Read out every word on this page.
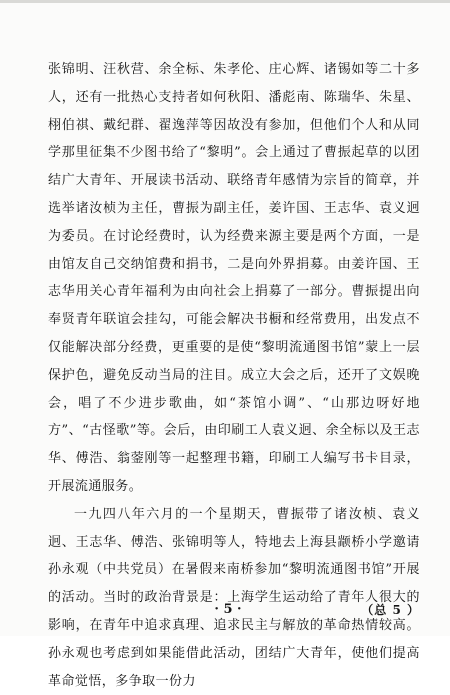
张锦明、汪秋营、余全标、朱孝伦、庄心辉、诸锡如等二十多人，还有一批热心支持者如何秋阳、潘彪南、陈瑞华、朱星、栩伯祺、戴纪群、翟逸萍等因故没有参加，但他们个人和从同学那里征集不少图书给了“黎明”。会上通过了曹振起草的以团结广大青年、开展读书活动、联络青年感情为宗旨的简章，并选举诸汝桢为主任，曹振为副主任，姜许国、王志华、袁义迥为委员。在讨论经费时，认为经费来源主要是两个方面，一是由馆友自己交纳馆费和捐书，二是向外界捐募。由姜许国、王志华用关心青年福利为由向社会上捐募了一部分。曹振提出向奉贤青年联谊会挂勾，可能会解决书橱和经常费用，出发点不仅能解决部分经费，更重要的是使“黎明流通图书馆”蒙上一层保护色，避免反动当局的注目。成立大会之后，还开了文娱晚会，唱了不少进步歌曲，如“茶馆小调”、“山那边呀好地方”、“古怪歌”等。会后，由印刷工人袁义迥、余全标以及王志华、傅浩、翁蓥刚等一起整理书籍，印刷工人编写书卡目录，开展流通服务。

一九四八年六月的一个星期天，曹振带了诸汝桢、袁义迥、王志华、傅浩、张锦明等人，特地去上海县颛桥小学邀请孙永观（中共党员）在暑假来南桥参加“黎明流通图书馆”开展的活动。当时的政治背景是：上海学生运动给了青年人很大的影响，在青年中追求真理、追求民主与解放的革命热情较高。孙永观也考虑到如果能借此活动，团结广大青年，使他们提高革命觉悟，多争取一份力

· 5 ·	（总 5 ）
